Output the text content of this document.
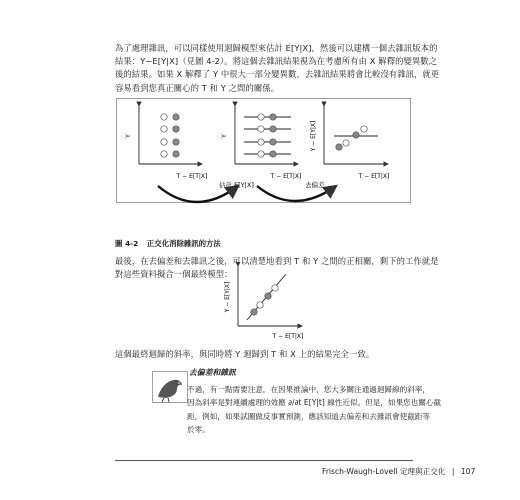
為了處理雜訊，可以同樣使用迴歸模型來估計 E[Y|X]，然後可以建構一個去雜訊版本的
結果：Y−E[Y|X]（見圖 4-2）。將這個去雜訊結果視為在考慮所有由 X 解釋的變異數之
後的結果。如果 X 解釋了 Y 中很大一部分變異數，去雜訊結果將會比較沒有雜訊，就更
容易看到您真正關心的 T 和 Y 之間的關係。
Y
T − E[T|X]
Y
T − E[T|X]
Y − E[Y|X]
T − E[T|X]
估計 E[Y|X]	去偏差
圖 4-2 正交化消除雜訊的方法
最後，在去偏差和去雜訊之後，可以清楚地看到 T 和 Y 之間的正相關，剩下的工作就是
對這些資料擬合一個最終模型：
Y − E[Y|X]
T − E[T|X]
這個最終迴歸的斜率，與同時將 Y 迴歸到 T 和 X 上的結果完全一致。
去偏差和雜訊
不過，有一點需要注意。在因果推論中，您大多關注通過迴歸線的斜率，
因為斜率是對連續處理的效應 ∂/∂t E[Y|t] 線性近似。但是，如果您也關心截
距，例如，如果試圖做反事實預測，應該知道去偏差和去雜訊會使截距等
於零。
Frisch-Waugh-Lovell 定理與正交化 | 107
